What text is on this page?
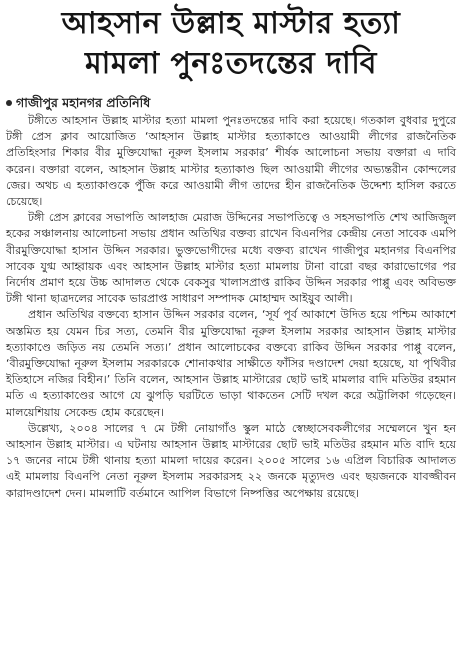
আহসান উল্লাহ মাস্টার হত্যা
মামলা পুনঃতদন্তের দাবি
গাজীপুর মহানগর প্রতিনিধি

টঙ্গীতে আহসান উল্লাহ মাস্টার হত্যা মামলা পুনঃতদন্তের দাবি করা হয়েছে। গতকাল বুধবার দুপুরে টঙ্গী প্রেস ক্লাব আয়োজিত ‘আহসান উল্লাহ মাস্টার হত্যাকাণ্ডে আওয়ামী লীগের রাজনৈতিক প্রতিহিংসার শিকার বীর মুক্তিযোদ্ধা নূরুল ইসলাম সরকার’ শীর্ষক আলোচনা সভায় বক্তারা এ দাবি করেন। বক্তারা বলেন, আহসান উল্লাহ মাস্টার হত্যাকাণ্ড ছিল আওয়ামী লীগের অভ্যন্তরীন কোন্দলের জের। অথচ এ হত্যাকাণ্ডকে পুঁজি করে আওয়ামী লীগ তাদের হীন রাজনৈতিক উদ্দেশ্য হাসিল করতে চেয়েছে।

টঙ্গী প্রেস ক্লাবের সভাপতি আলহাজ মেরাজ উদ্দিনের সভাপতিত্বে ও সহসভাপতি শেখ আজিজুল হকের সঞ্চালনায় আলোচনা সভায় প্রধান অতিথির বক্তব্য রাখেন বিএনপির কেন্দ্রীয় নেতা সাবেক এমপি বীরমুক্তিযোদ্ধা হাসান উদ্দিন সরকার। ভুক্তভোগীদের মধ্যে বক্তব্য রাখেন গাজীপুর মহানগর বিএনপির সাবেক যুগ্ম আহ্বায়ক এবং আহসান উল্লাহ মাস্টার হত্যা মামলায় টানা বারো বছর কারাভোগের পর নির্দোষ প্রমাণ হয়ে উচ্চ আদালত থেকে বেকসুর খালাসপ্রাপ্ত রাকিব উদ্দিন সরকার পাপ্পু এবং অবিভক্ত টঙ্গী থানা ছাত্রদলের সাবেক ভারপ্রাপ্ত সাধারণ সম্পাদক মোহাম্মদ আইয়ুব আলী।

প্রধান অতিথির বক্তব্যে হাসান উদ্দিন সরকার বলেন, ‘সূর্য পূর্ব আকাশে উদিত হয়ে পশ্চিম আকাশে অস্তমিত হয় যেমন চির সত্য, তেমনি বীর মুক্তিযোদ্ধা নূরুল ইসলাম সরকার আহসান উল্লাহ মাস্টার হত্যাকাণ্ডে জড়িত নয় তেমনি সত্য।’ প্রধান আলোচকের বক্তব্যে রাকিব উদ্দিন সরকার পাপ্পু বলেন, ‘বীরমুক্তিযোদ্ধা নূরুল ইসলাম সরকারকে শোনাকথার সাক্ষীতে ফাঁসির দণ্ডাদেশ দেয়া হয়েছে, যা পৃথিবীর ইতিহাসে নজির বিহীন।’ তিনি বলেন, আহসান উল্লাহ মাস্টারের ছোট ভাই মামলার বাদি মতিউর রহমান মতি এ হত্যাকাণ্ডের আগে যে ঝুপড়ি ঘরটিতে ভাড়া থাকতেন সেটি দখল করে অট্টালিকা গড়েছেন। মালয়েশিয়ায় সেকেন্ড হোম করেছেন।

উল্লেখ্য, ২০০৪ সালের ৭ মে টঙ্গী নোয়াগাঁও স্কুল মাঠে স্বেচ্ছাসেবকলীগের সম্মেলনে খুন হন আহসান উল্লাহ মাস্টার। এ ঘটনায় আহসান উল্লাহ মাস্টারের ছোট ভাই মতিউর রহমান মতি বাদি হয়ে ১৭ জনের নামে টঙ্গী থানায় হত্যা মামলা দায়ের করেন। ২০০৫ সালের ১৬ এপ্রিল বিচারিক আদালত এই মামলায় বিএনপি নেতা নূরুল ইসলাম সরকারসহ ২২ জনকে মৃত্যুদণ্ড এবং ছয়জনকে যাবজ্জীবন কারাদণ্ডাদেশ দেন। মামলাটি বর্তমানে আপিল বিভাগে নিষ্পত্তির অপেক্ষায় রয়েছে।
